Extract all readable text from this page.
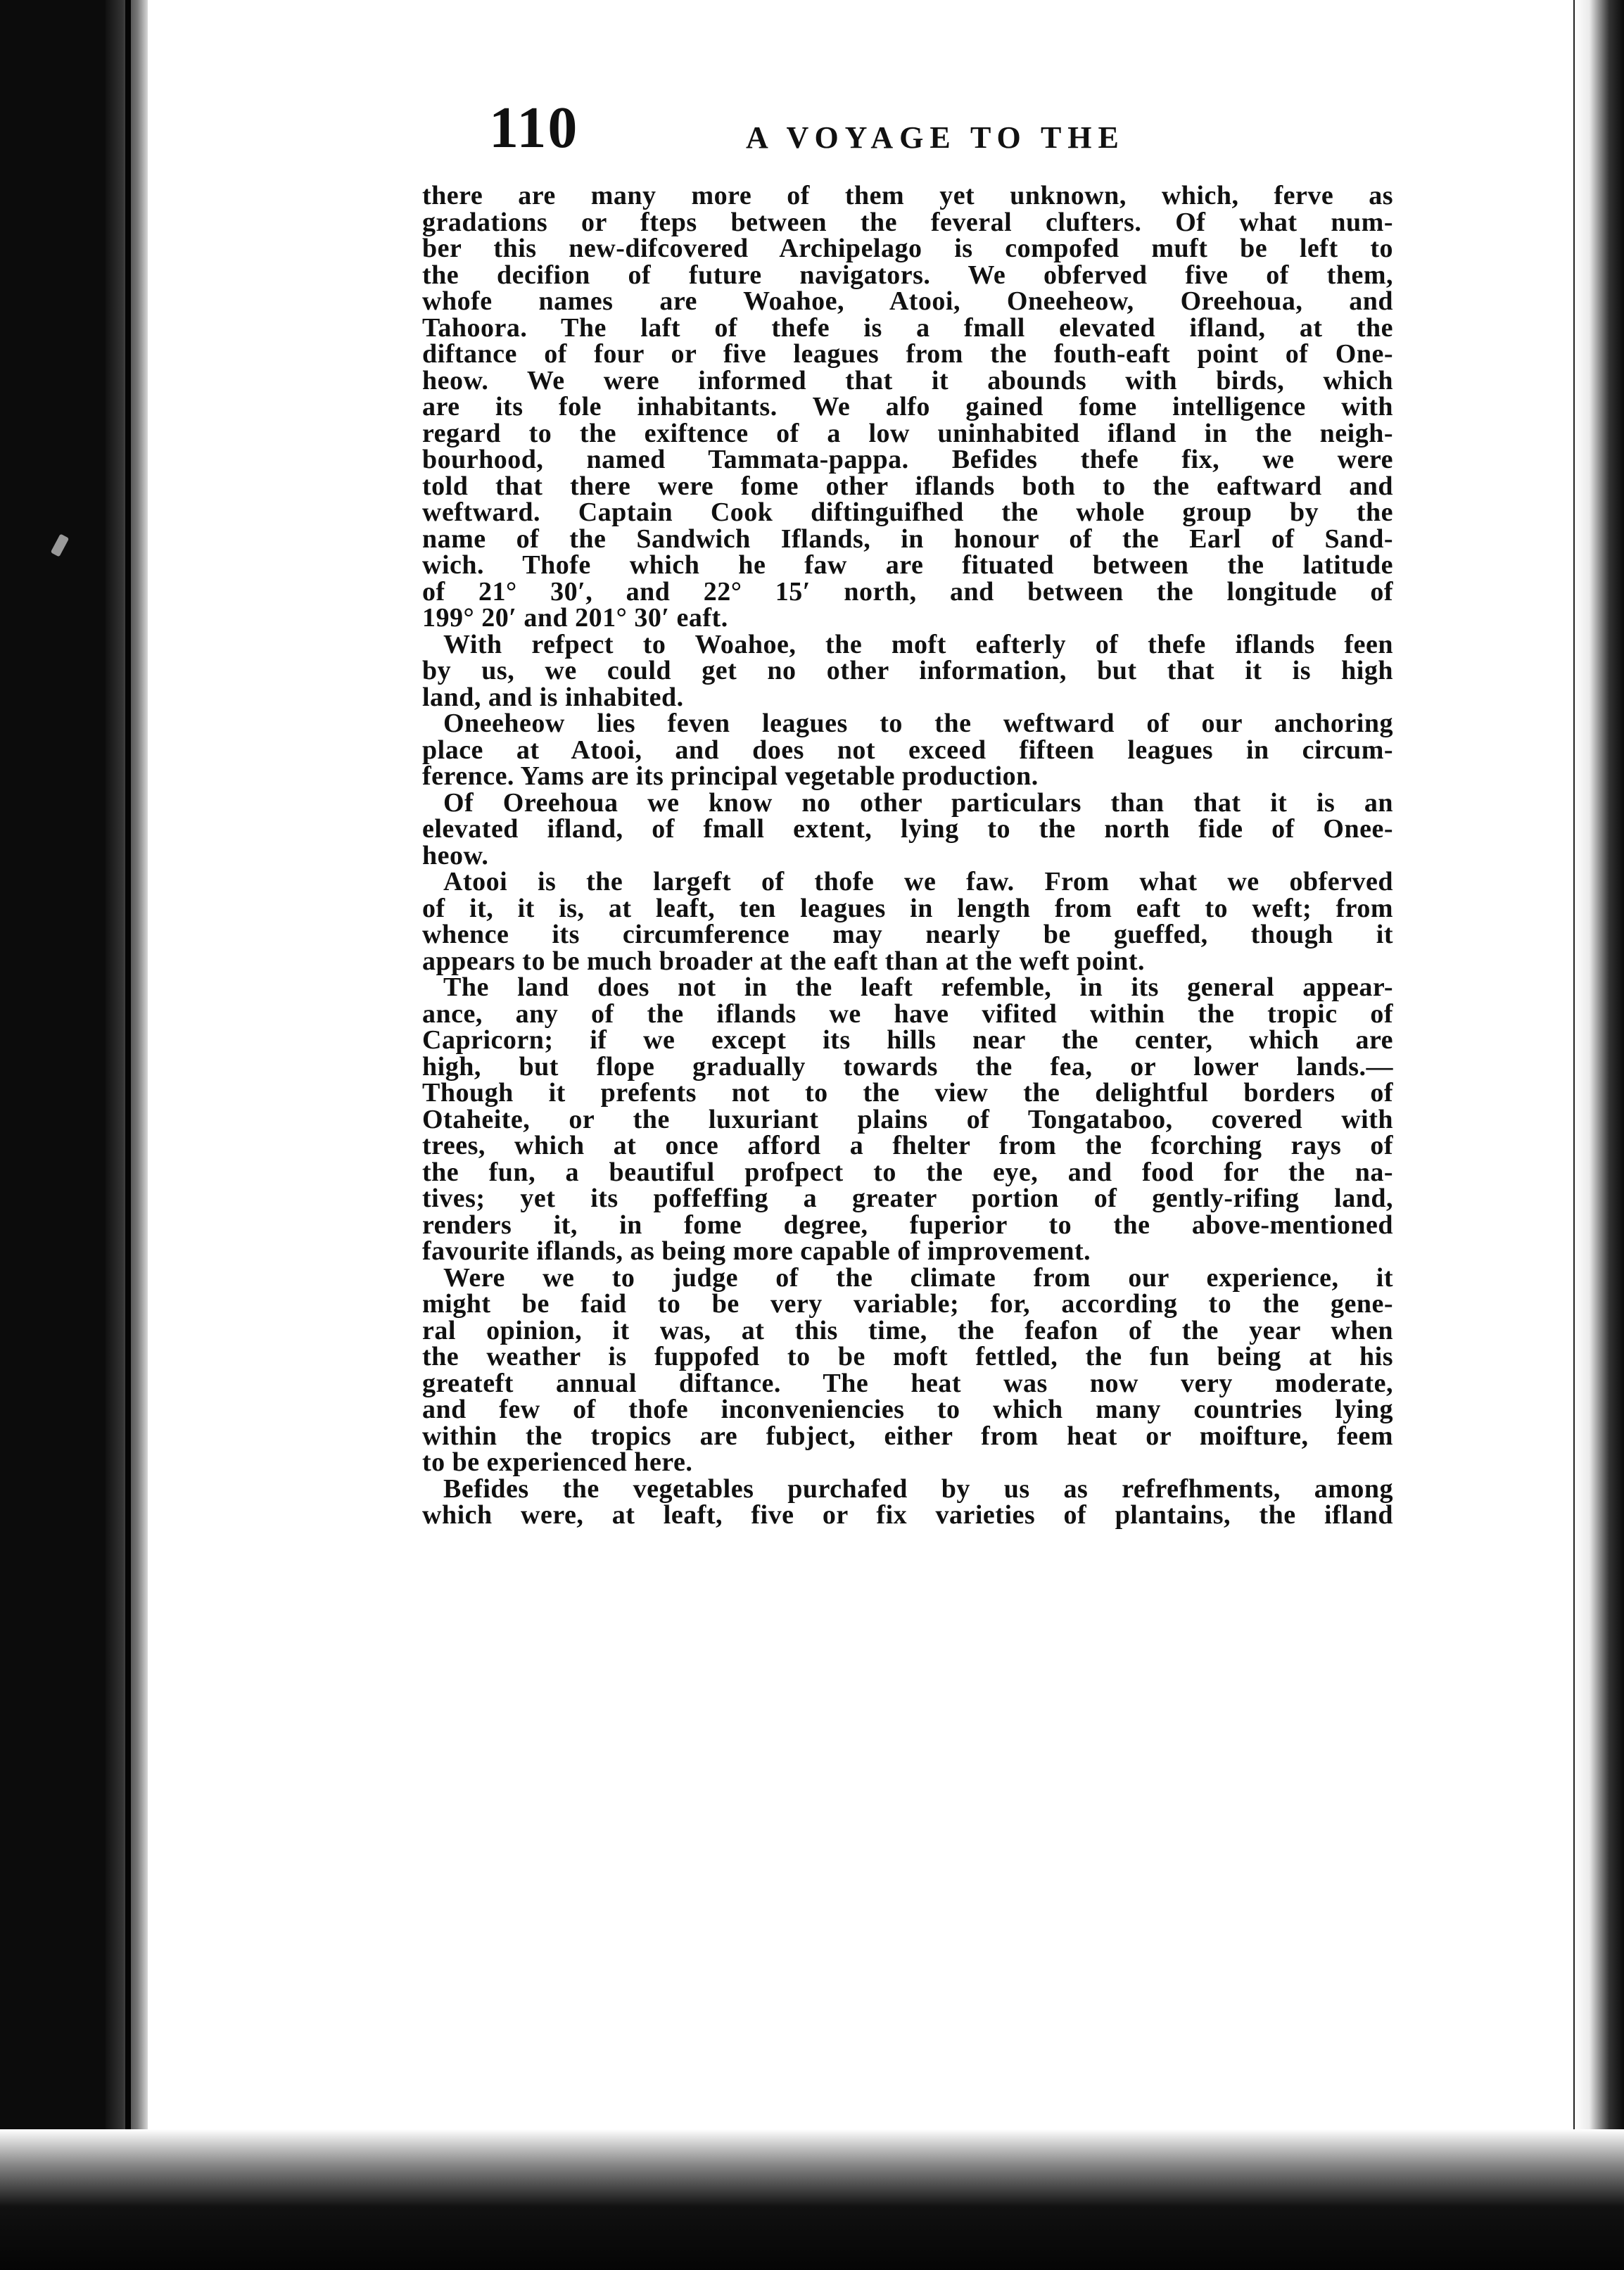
110	A VOYAGE TO THE
there are many more of them yet unknown, which, ferve as
gradations or fteps between the feveral clufters. Of what num-
ber this new-difcovered Archipelago is compofed muft be left to
the decifion of future navigators. We obferved five of them,
whofe names are Woahoe, Atooi, Oneeheow, Oreehoua, and
Tahoora. The laft of thefe is a fmall elevated ifland, at the
diftance of four or five leagues from the fouth-eaft point of One-
heow. We were informed that it abounds with birds, which
are its fole inhabitants. We alfo gained fome intelligence with
regard to the exiftence of a low uninhabited ifland in the neigh-
bourhood, named Tammata-pappa. Befides thefe fix, we were
told that there were fome other iflands both to the eaftward and
weftward. Captain Cook diftinguifhed the whole group by the
name of the Sandwich Iflands, in honour of the Earl of Sand-
wich. Thofe which he faw are fituated between the latitude
of 21° 30′, and 22° 15′ north, and between the longitude of
199° 20′ and 201° 30′ eaft.
With refpect to Woahoe, the moft eafterly of thefe iflands feen
by us, we could get no other information, but that it is high
land, and is inhabited.
Oneeheow lies feven leagues to the weftward of our anchoring
place at Atooi, and does not exceed fifteen leagues in circum-
ference. Yams are its principal vegetable production.
Of Oreehoua we know no other particulars than that it is an
elevated ifland, of fmall extent, lying to the north fide of Onee-
heow.
Atooi is the largeft of thofe we faw. From what we obferved
of it, it is, at leaft, ten leagues in length from eaft to weft; from
whence its circumference may nearly be gueffed, though it
appears to be much broader at the eaft than at the weft point.
The land does not in the leaft refemble, in its general appear-
ance, any of the iflands we have vifited within the tropic of
Capricorn; if we except its hills near the center, which are
high, but flope gradually towards the fea, or lower lands.—
Though it prefents not to the view the delightful borders of
Otaheite, or the luxuriant plains of Tongataboo, covered with
trees, which at once afford a fhelter from the fcorching rays of
the fun, a beautiful profpect to the eye, and food for the na-
tives; yet its poffeffing a greater portion of gently-rifing land,
renders it, in fome degree, fuperior to the above-mentioned
favourite iflands, as being more capable of improvement.
Were we to judge of the climate from our experience, it
might be faid to be very variable; for, according to the gene-
ral opinion, it was, at this time, the feafon of the year when
the weather is fuppofed to be moft fettled, the fun being at his
greateft annual diftance. The heat was now very moderate,
and few of thofe inconveniencies to which many countries lying
within the tropics are fubject, either from heat or moifture, feem
to be experienced here.
Befides the vegetables purchafed by us as refrefhments, among
which were, at leaft, five or fix varieties of plantains, the ifland
